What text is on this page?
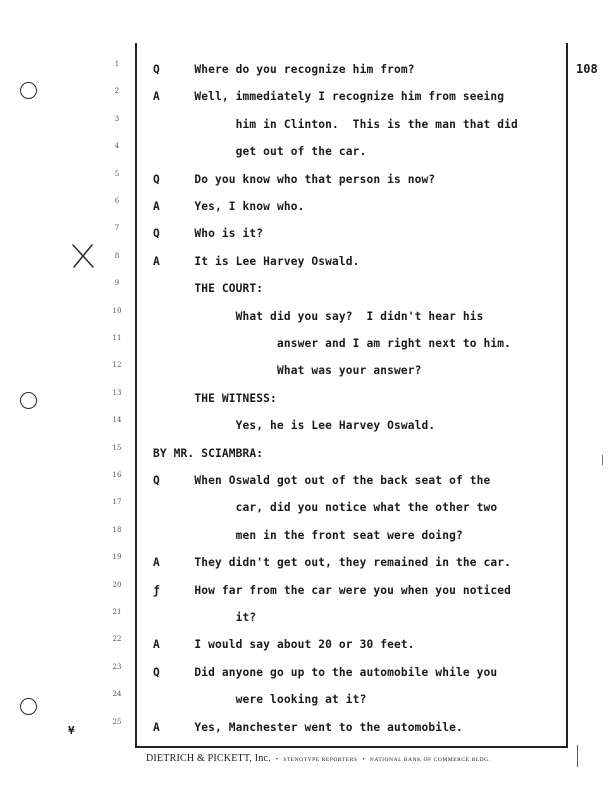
¥
108
1	Q     Where do you recognize him from?
2	A     Well, immediately I recognize him from seeing
3	him in Clinton.  This is the man that did
4	get out of the car.
5	Q     Do you know who that person is now?
6	A     Yes, I know who.
7	Q     Who is it?
8	A     It is Lee Harvey Oswald.
9	THE COURT:
10	What did you say?  I didn't hear his
11	answer and I am right next to him.
12	What was your answer?
13	THE WITNESS:
14	Yes, he is Lee Harvey Oswald.
15	BY MR. SCIAMBRA:
16	Q     When Oswald got out of the back seat of the
17	car, did you notice what the other two
18	men in the front seat were doing?
19	A     They didn't get out, they remained in the car.
20	ƒ     How far from the car were you when you noticed
21	it?
22	A     I would say about 20 or 30 feet.
23	Q     Did anyone go up to the automobile while you
24	were looking at it?
25	A     Yes, Manchester went to the automobile.
DIETRICH & PICKETT, Inc. • STENOTYPE REPORTERS • NATIONAL BANK OF COMMERCE BLDG.
